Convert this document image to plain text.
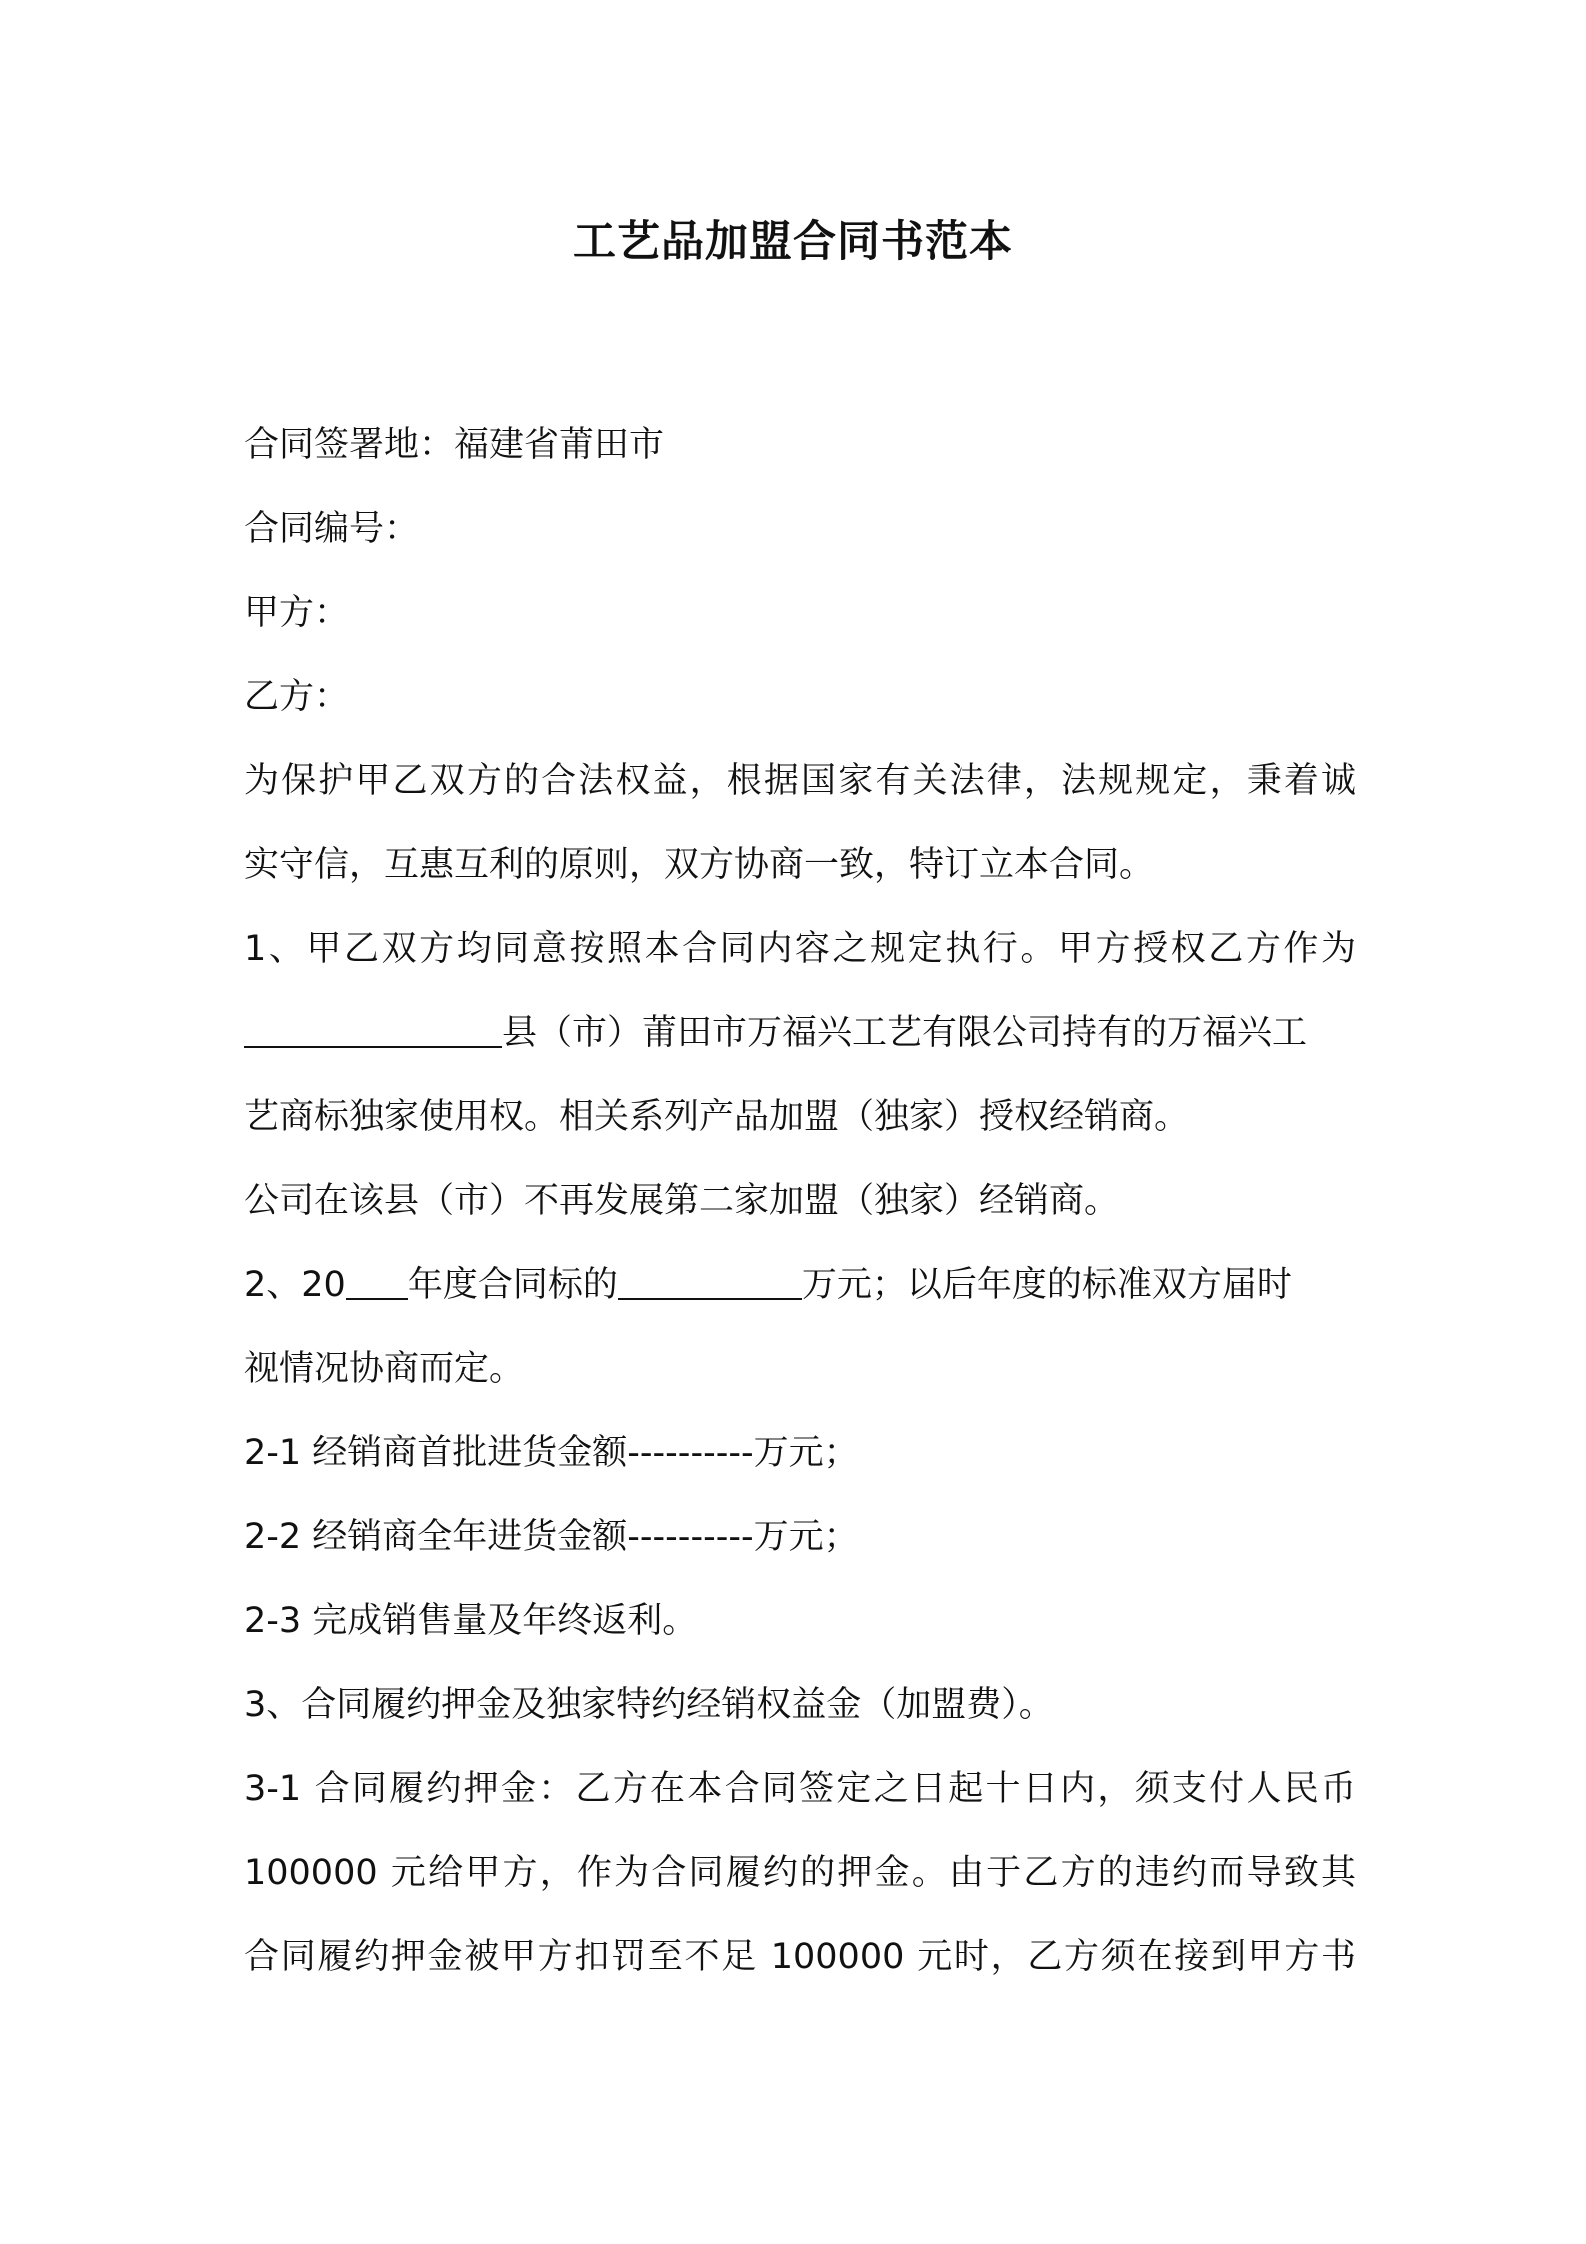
工艺品加盟合同书范本
合同签署地：福建省莆田市
合同编号：
甲方：
乙方：
为保护甲乙双方的合法权益，根据国家有关法律，法规规定，秉着诚
实守信，互惠互利的原则，双方协商一致，特订立本合同。
1、甲乙双方均同意按照本合同内容之规定执行。甲方授权乙方作为
县（市）莆田市万福兴工艺有限公司持有的万福兴工
艺商标独家使用权。相关系列产品加盟（独家）授权经销商。
公司在该县（市）不再发展第二家加盟（独家）经销商。
2、20 年度合同标的	万元；以后年度的标准双方届时
视情况协商而定。
2-1 经销商首批进货金额----------万元；
2-2 经销商全年进货金额----------万元；
2-3 完成销售量及年终返利。
3、合同履约押金及独家特约经销权益金（加盟费）。
3-1 合同履约押金：乙方在本合同签定之日起十日内，须支付人民币
100000 元给甲方，作为合同履约的押金。由于乙方的违约而导致其
合同履约押金被甲方扣罚至不足 100000 元时，乙方须在接到甲方书
